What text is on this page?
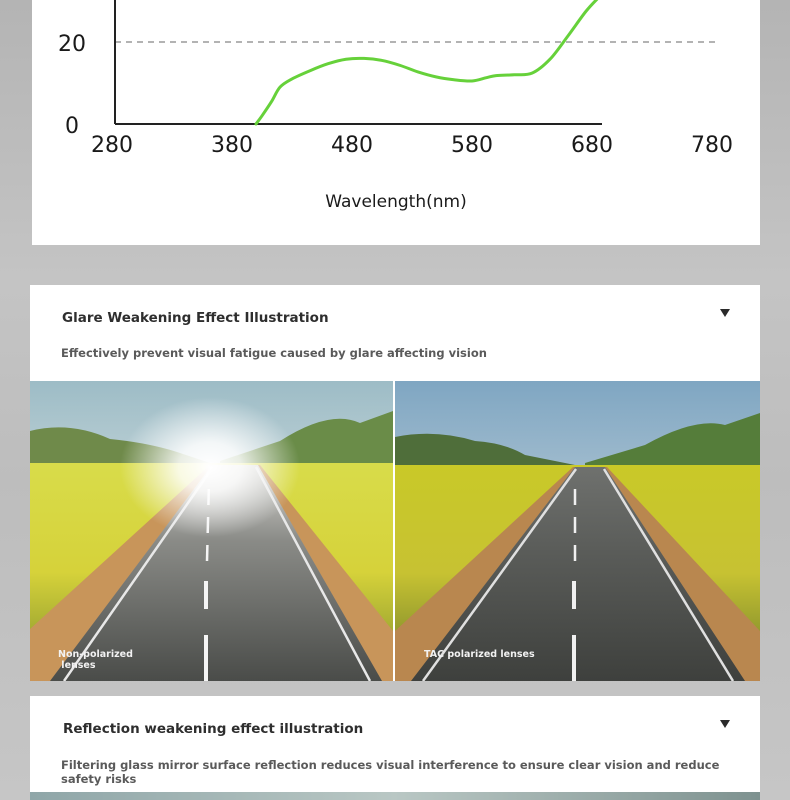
0
20
280	380	480	580	680	780
Wavelength(nm)
Glare Weakening Effect Illustration

Effectively prevent visual fatigue caused by glare affecting vision

Non-polarized
lenses
TAC polarized lenses
Reflection weakening effect illustration

Filtering glass mirror surface reflection reduces visual interference to ensure clear vision and reduce safety risks
